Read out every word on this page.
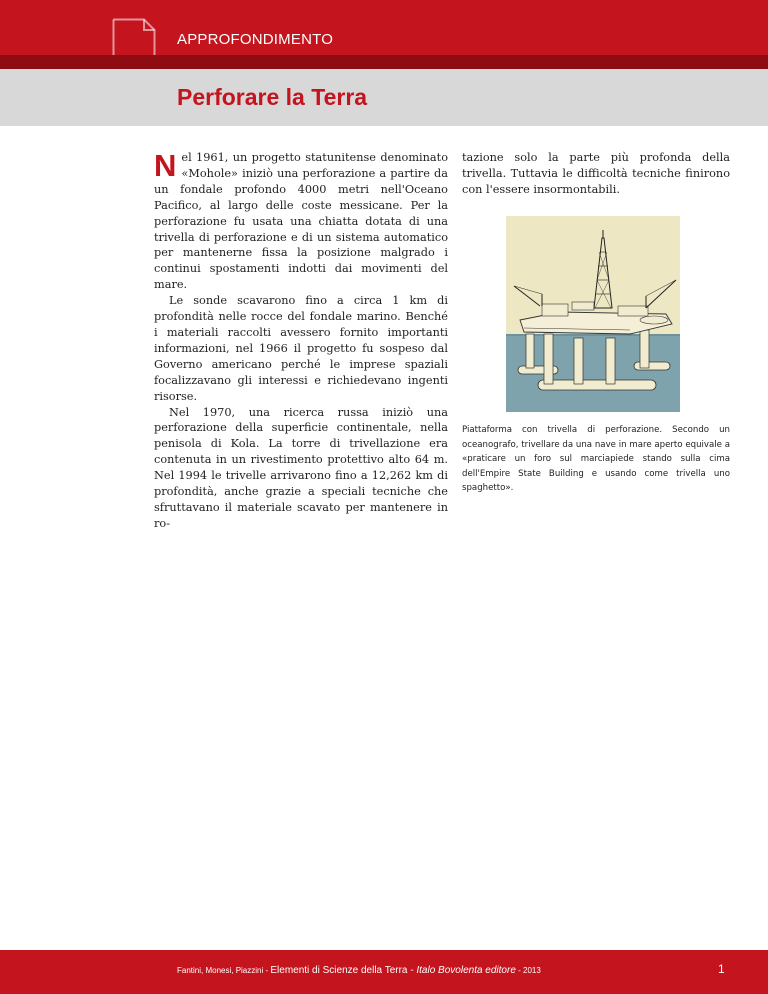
APPROFONDIMENTO
Perforare la Terra

Nel 1961, un progetto statunitense denominato «Mohole» iniziò una perforazione a partire da un fondale profondo 4000 metri nell'Oceano Pacifico, al largo delle coste messicane. Per la perforazione fu usata una chiatta dotata di una trivella di perforazione e di un sistema automatico per mantenerne fissa la posizione malgrado i continui spostamenti indotti dai movimenti del mare.

Le sonde scavarono fino a circa 1 km di profondità nelle rocce del fondale marino. Benché i materiali raccolti avessero fornito importanti informazioni, nel 1966 il progetto fu sospeso dal Governo americano perché le imprese spaziali focalizzavano gli interessi e richiedevano ingenti risorse.

Nel 1970, una ricerca russa iniziò una perforazione della superficie continentale, nella penisola di Kola. La torre di trivellazione era contenuta in un rivestimento protettivo alto 64 m. Nel 1994 le trivelle arrivarono fino a 12,262 km di profondità, anche grazie a speciali tecniche che sfruttavano il materiale scavato per mantenere in ro-

Piattaforma con trivella di perforazione. Secondo un oceanografo, trivellare da una nave in mare aperto equivale a «praticare un foro sul marciapiede stando sulla cima dell'Empire State Building e usando come trivella uno spaghetto».

Fantini, Monesi, Piazzini - Elementi di Scienze della Terra - Italo Bovolenta editore - 2013	1

tazione solo la parte più profonda della trivella. Tuttavia le difficoltà tecniche finirono con l'essere insormontabili.
